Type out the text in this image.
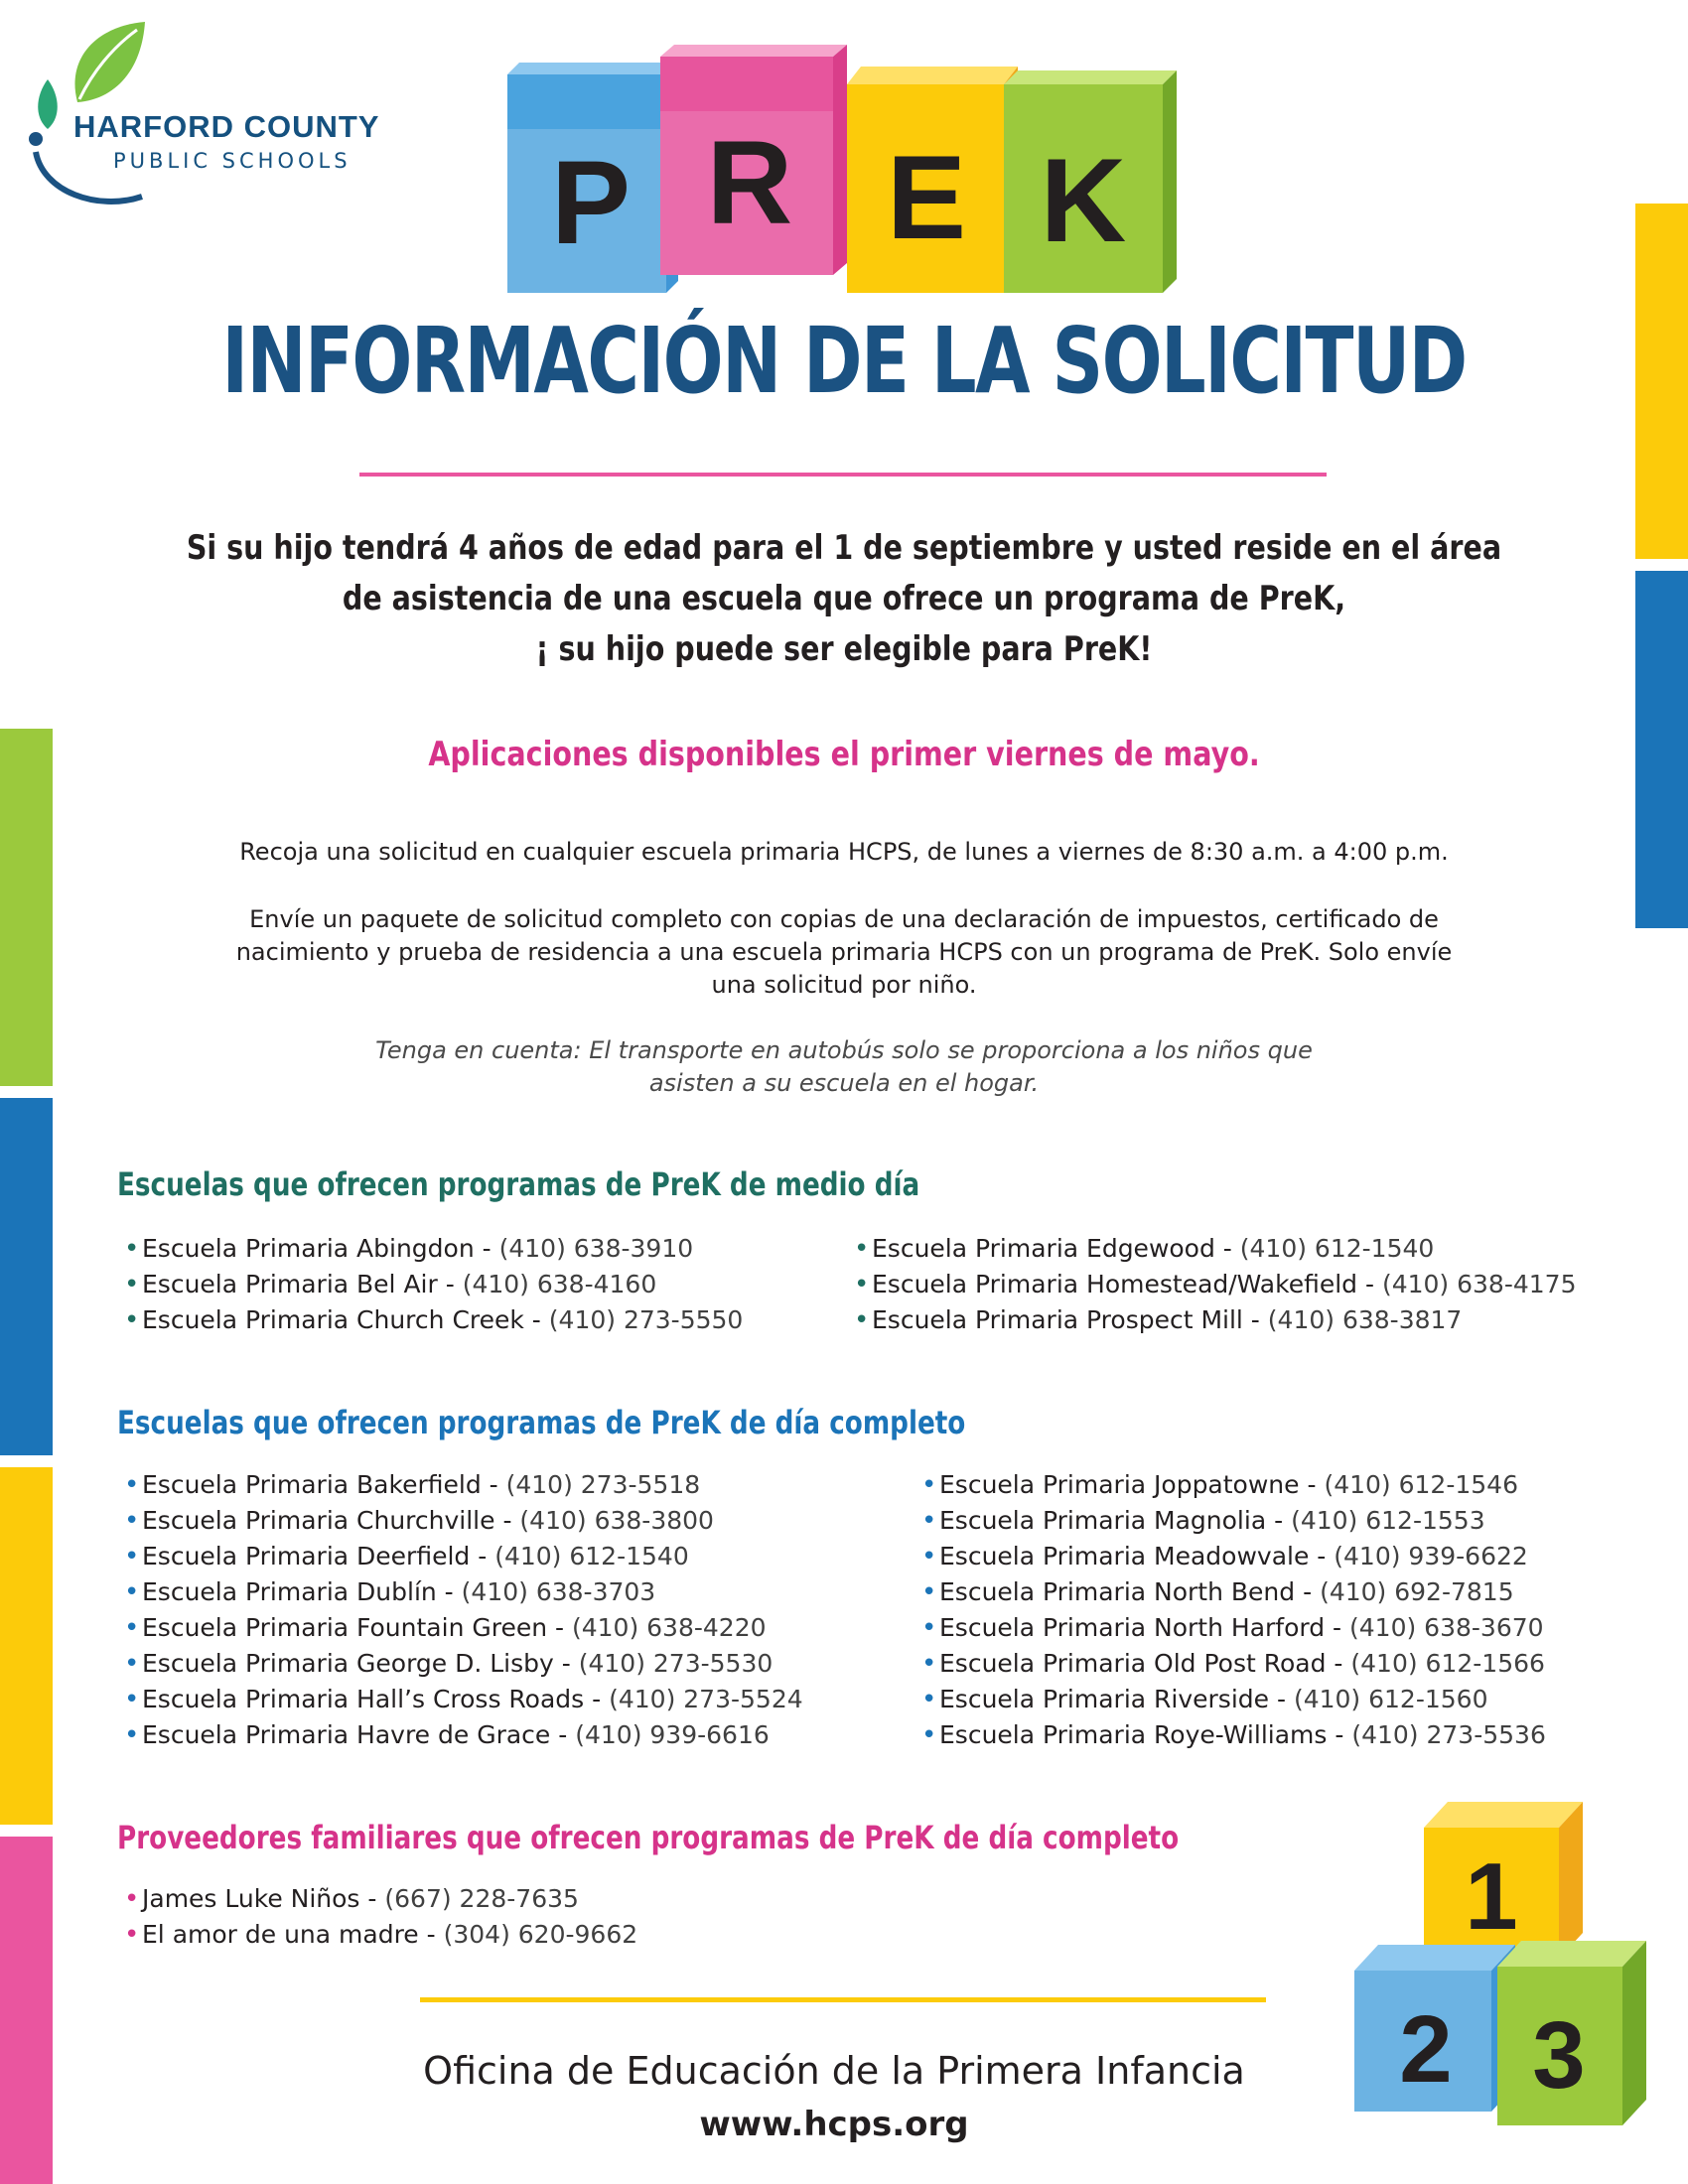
HARFORD COUNTY
PUBLIC SCHOOLS P R E K
INFORMACIÓN DE LA SOLICITUD
Si su hijo tendrá 4 años de edad para el 1 de septiembre y usted reside en el área
de asistencia de una escuela que ofrece un programa de PreK,
¡ su hijo puede ser elegible para PreK!
Aplicaciones disponibles el primer viernes de mayo.
Recoja una solicitud en cualquier escuela primaria HCPS, de lunes a viernes de 8:30 a.m. a 4:00 p.m.
Envíe un paquete de solicitud completo con copias de una declaración de impuestos, certificado de
nacimiento y prueba de residencia a una escuela primaria HCPS con un programa de PreK. Solo envíe
una solicitud por niño.
Tenga en cuenta: El transporte en autobús solo se proporciona a los niños que
asisten a su escuela en el hogar.
Escuelas que ofrecen programas de PreK de medio día
• Escuela Primaria Abingdon - (410) 638-3910
• Escuela Primaria Bel Air - (410) 638-4160
• Escuela Primaria Church Creek - (410) 273-5550
• Escuela Primaria Edgewood - (410) 612-1540
• Escuela Primaria Homestead/Wakefield - (410) 638-4175
• Escuela Primaria Prospect Mill - (410) 638-3817
Escuelas que ofrecen programas de PreK de día completo
• Escuela Primaria Bakerfield - (410) 273-5518
• Escuela Primaria Churchville - (410) 638-3800
• Escuela Primaria Deerfield - (410) 612-1540
• Escuela Primaria Dublín - (410) 638-3703
• Escuela Primaria Fountain Green - (410) 638-4220
• Escuela Primaria George D. Lisby - (410) 273-5530
• Escuela Primaria Hall’s Cross Roads - (410) 273-5524
• Escuela Primaria Havre de Grace - (410) 939-6616
• Escuela Primaria Joppatowne - (410) 612-1546
• Escuela Primaria Magnolia - (410) 612-1553
• Escuela Primaria Meadowvale - (410) 939-6622
• Escuela Primaria North Bend - (410) 692-7815
• Escuela Primaria North Harford - (410) 638-3670
• Escuela Primaria Old Post Road - (410) 612-1566
• Escuela Primaria Riverside - (410) 612-1560
• Escuela Primaria Roye-Williams - (410) 273-5536
Proveedores familiares que ofrecen programas de PreK de día completo
• James Luke Niños - (667) 228-7635
• El amor de una madre - (304) 620-9662
Oficina de Educación de la Primera Infancia
www.hcps.org
1
2 3
